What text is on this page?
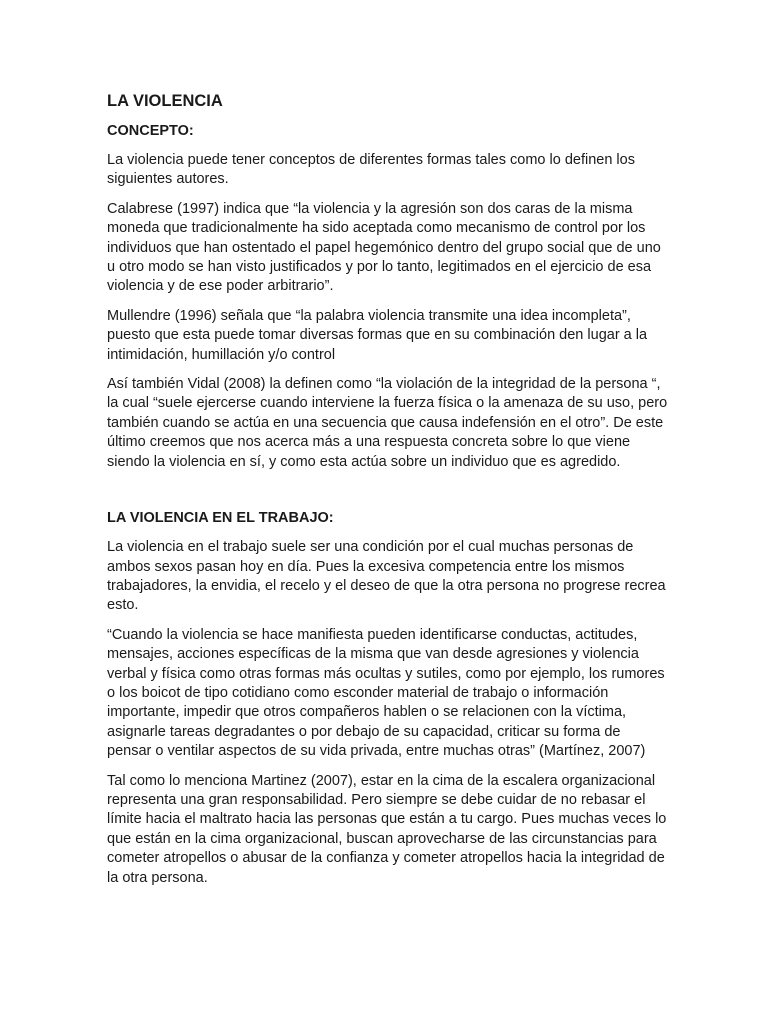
LA VIOLENCIA
CONCEPTO:

La violencia puede tener conceptos de diferentes formas tales como lo definen los siguientes autores.

Calabrese (1997) indica que “la violencia y la agresión son dos caras de la misma moneda que tradicionalmente ha sido aceptada como mecanismo de control por los individuos que han ostentado el papel hegemónico dentro del grupo social que de uno u otro modo se han visto justificados y por lo tanto, legitimados en el ejercicio de esa violencia y de ese poder arbitrario”.

Mullendre (1996) señala que “la palabra violencia transmite una idea incompleta”, puesto que esta puede tomar diversas formas que en su combinación den lugar a la intimidación, humillación y/o control

Así también Vidal (2008) la definen como “la violación de la integridad de la persona “, la cual “suele ejercerse cuando interviene la fuerza física o la amenaza de su uso, pero también cuando se actúa en una secuencia que causa indefensión en el otro”. De este último creemos que nos acerca más a una respuesta concreta sobre lo que viene siendo la violencia en sí, y como esta actúa sobre un individuo que es agredido.

LA VIOLENCIA EN EL TRABAJO:

La violencia en el trabajo suele ser una condición por el cual muchas personas de ambos sexos pasan hoy en día. Pues la excesiva competencia entre los mismos trabajadores, la envidia, el recelo y el deseo de que la otra persona no progrese recrea esto.

“Cuando la violencia se hace manifiesta pueden identificarse conductas, actitudes, mensajes, acciones específicas de la misma que van desde agresiones y violencia verbal y física como otras formas más ocultas y sutiles, como por ejemplo, los rumores o los boicot de tipo cotidiano como esconder material de trabajo o información importante, impedir que otros compañeros hablen o se relacionen con la víctima, asignarle tareas degradantes o por debajo de su capacidad, criticar su forma de pensar o ventilar aspectos de su vida privada, entre muchas otras” (Martínez, 2007)

Tal como lo menciona Martinez (2007), estar en la cima de la escalera organizacional representa una gran responsabilidad. Pero siempre se debe cuidar de no rebasar el límite hacia el maltrato hacia las personas que están a tu cargo. Pues muchas veces lo que están en la cima organizacional, buscan aprovecharse de las circunstancias para cometer atropellos o abusar de la confianza y cometer atropellos hacia la integridad de la otra persona.
